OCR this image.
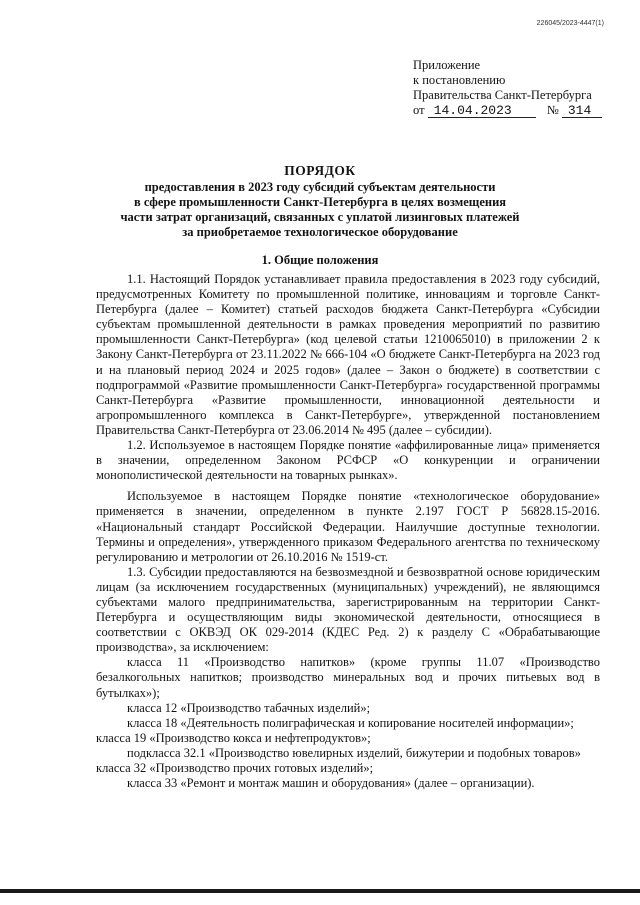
226045/2023-4447(1)
Приложение
к постановлению
Правительства Санкт-Петербурга
от 14.04.2023	№ 314
ПОРЯДОК
предоставления в 2023 году субсидий субъектам деятельности
в сфере промышленности Санкт-Петербурга в целях возмещения
части затрат организаций, связанных с уплатой лизинговых платежей
за приобретаемое технологическое оборудование
1. Общие положения

1.1. Настоящий Порядок устанавливает правила предоставления в 2023 году субсидий, предусмотренных Комитету по промышленной политике, инновациям и торговле Санкт-Петербурга (далее – Комитет) статьей расходов бюджета Санкт-Петербурга «Субсидии субъектам промышленной деятельности в рамках проведения мероприятий по развитию промышленности Санкт-Петербурга» (код целевой статьи 1210065010) в приложении 2 к Закону Санкт-Петербурга от 23.11.2022 № 666-104 «О бюджете Санкт-Петербурга на 2023 год и на плановый период 2024 и 2025 годов» (далее – Закон о бюджете) в соответствии с подпрограммой «Развитие промышленности Санкт-Петербурга» государственной программы Санкт-Петербурга «Развитие промышленности, инновационной деятельности и агропромышленного комплекса в Санкт-Петербурге», утвержденной постановлением Правительства Санкт-Петербурга от 23.06.2014 № 495 (далее – субсидии).

1.2. Используемое в настоящем Порядке понятие «аффилированные лица» применяется в значении, определенном Законом РСФСР «О конкуренции и ограничении монополистической деятельности на товарных рынках».

Используемое в настоящем Порядке понятие «технологическое оборудование» применяется в значении, определенном в пункте 2.197 ГОСТ Р 56828.15-2016. «Национальный стандарт Российской Федерации. Наилучшие доступные технологии. Термины и определения», утвержденного приказом Федерального агентства по техническому регулированию и метрологии от 26.10.2016 № 1519-ст.

1.3. Субсидии предоставляются на безвозмездной и безвозвратной основе юридическим лицам (за исключением государственных (муниципальных) учреждений), не являющимся субъектами малого предпринимательства, зарегистрированным на территории Санкт-Петербурга и осуществляющим виды экономической деятельности, относящиеся в соответствии с ОКВЭД ОК 029-2014 (КДЕС Ред. 2) к разделу С «Обрабатывающие производства», за исключением:

класса 11 «Производство напитков» (кроме группы 11.07 «Производство безалкогольных напитков; производство минеральных вод и прочих питьевых вод в бутылках»);

класса 12 «Производство табачных изделий»;

класса 18 «Деятельность полиграфическая и копирование носителей информации»;

класса 19 «Производство кокса и нефтепродуктов»;

подкласса 32.1 «Производство ювелирных изделий, бижутерии и подобных товаров»

класса 32 «Производство прочих готовых изделий»;

класса 33 «Ремонт и монтаж машин и оборудования» (далее – организации).
